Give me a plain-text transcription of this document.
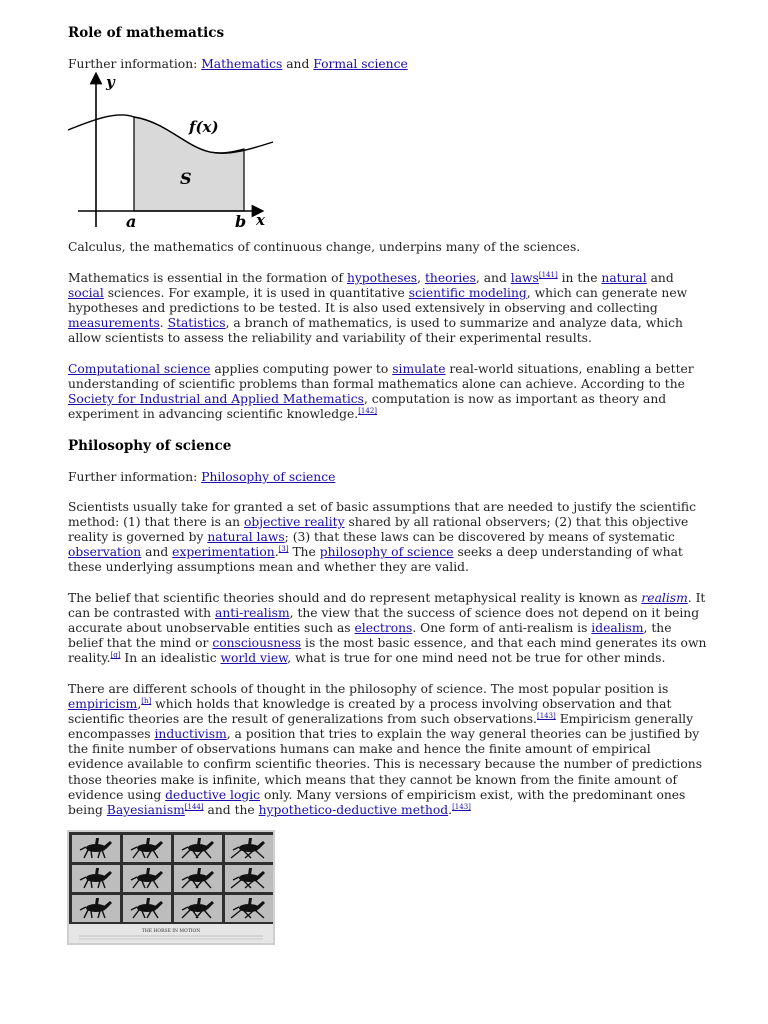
Role of mathematics

Further information: Mathematics and Formal science

Calculus, the mathematics of continuous change, underpins many of the sciences.

Mathematics is essential in the formation of hypotheses, theories, and laws[141] in the natural and social sciences. For example, it is used in quantitative scientific modeling, which can generate new hypotheses and predictions to be tested. It is also used extensively in observing and collecting measurements. Statistics, a branch of mathematics, is used to summarize and analyze data, which allow scientists to assess the reliability and variability of their experimental results.

Computational science applies computing power to simulate real-world situations, enabling a better understanding of scientific problems than formal mathematics alone can achieve. According to the Society for Industrial and Applied Mathematics, computation is now as important as theory and experiment in advancing scientific knowledge.[142]

Philosophy of science

Further information: Philosophy of science

Scientists usually take for granted a set of basic assumptions that are needed to justify the scientific method: (1) that there is an objective reality shared by all rational observers; (2) that this objective reality is governed by natural laws; (3) that these laws can be discovered by means of systematic observation and experimentation.[3] The philosophy of science seeks a deep understanding of what these underlying assumptions mean and whether they are valid.

The belief that scientific theories should and do represent metaphysical reality is known as realism. It can be contrasted with anti-realism, the view that the success of science does not depend on it being accurate about unobservable entities such as electrons. One form of anti-realism is idealism, the belief that the mind or consciousness is the most basic essence, and that each mind generates its own reality.[g] In an idealistic world view, what is true for one mind need not be true for other minds.

There are different schools of thought in the philosophy of science. The most popular position is empiricism,[h] which holds that knowledge is created by a process involving observation and that scientific theories are the result of generalizations from such observations.[143] Empiricism generally encompasses inductivism, a position that tries to explain the way general theories can be justified by the finite number of observations humans can make and hence the finite amount of empirical evidence available to confirm scientific theories. This is necessary because the number of predictions those theories make is infinite, which means that they cannot be known from the finite amount of evidence using deductive logic only. Many versions of empiricism exist, with the predominant ones being Bayesianism[144] and the hypothetico-deductive method.[143]

y
f(x)
S
a	b x
THE HORSE IN MOTION
